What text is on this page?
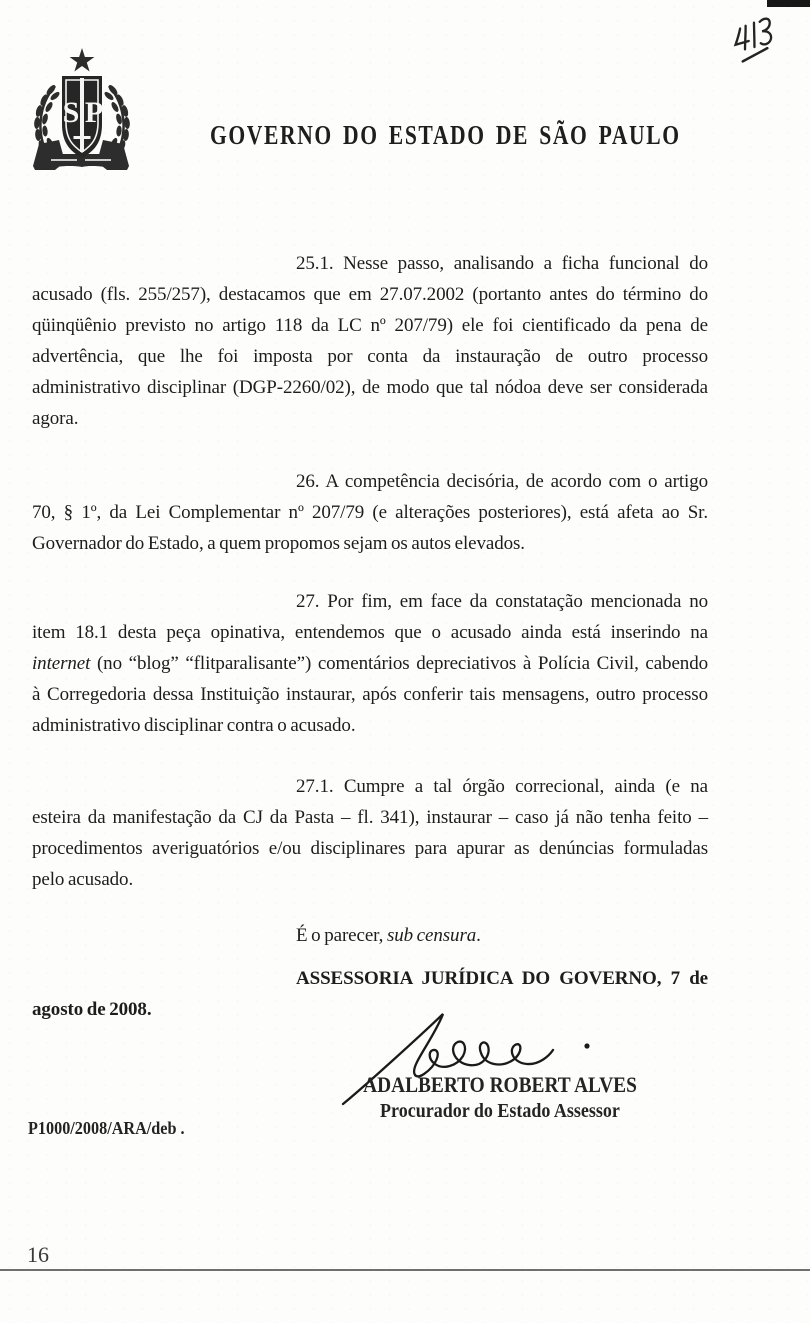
S P
GOVERNO DO ESTADO DE SÃO PAULO
25.1. Nesse passo, analisando a ficha funcional do
acusado (fls. 255/257), destacamos que em 27.07.2002 (portanto antes do término do
qüinqüênio previsto no artigo 118 da LC nº 207/79) ele foi cientificado da pena de
advertência, que lhe foi imposta por conta da instauração de outro processo
administrativo disciplinar (DGP-2260/02), de modo que tal nódoa deve ser considerada
agora.
26. A competência decisória, de acordo com o artigo
70, § 1º, da Lei Complementar nº 207/79 (e alterações posteriores), está afeta ao Sr.
Governador do Estado, a quem propomos sejam os autos elevados.
27. Por fim, em face da constatação mencionada no
item 18.1 desta peça opinativa, entendemos que o acusado ainda está inserindo na
internet (no “blog” “flitparalisante”) comentários depreciativos à Polícia Civil, cabendo
à Corregedoria dessa Instituição instaurar, após conferir tais mensagens, outro processo
administrativo disciplinar contra o acusado.
27.1. Cumpre a tal órgão correcional, ainda (e na
esteira da manifestação da CJ da Pasta – fl. 341), instaurar – caso já não tenha feito –
procedimentos averiguatórios e/ou disciplinares para apurar as denúncias formuladas
pelo acusado.
É o parecer, sub censura.
ASSESSORIA JURÍDICA DO GOVERNO, 7 de
agosto de 2008.
ADALBERTO ROBERT ALVES
Procurador do Estado Assessor
P1000/2008/ARA/deb .
16
